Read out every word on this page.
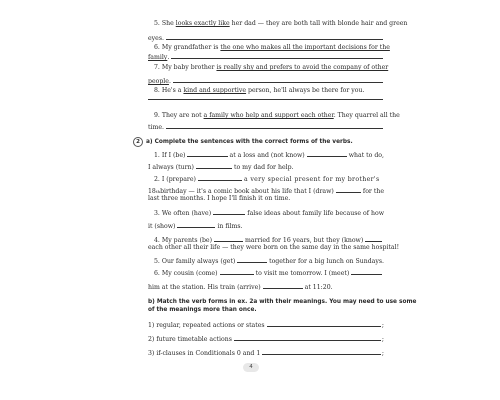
5. She looks exactly like her dad — they are both tall with blonde hair and green
eyes.
6. My grandfather is the one who makes all the important decisions for the
family .
7. My baby brother is really shy and prefers to avoid the company of other
people .
8. He's a kind and supportive person, he'll always be there for you.
9. They are not a family who help and support each other. They quarrel all the
time.
2 a) Complete the sentences with the correct forms of the verbs.
1. If I (be)	at a loss and (not know)	what to do,
I always (turn)	to my dad for help.
2. I (prepare)	a very special present for my brother's
18 th birthday — it's a comic book about his life that I (draw)	for the
last three months. I hope I'll finish it on time.
3. We often (have)	false ideas about family life because of how
it (show)	in films.
4. My parents (be)	married for 16 years, but they (know)
each other all their life — they were born on the same day in the same hospital!
5. Our family always (get)	together for a big lunch on Sundays.
6. My cousin (come)	to visit me tomorrow. I (meet)
him at the station. His train (arrive)	at 11:20.
b) Match the verb forms in ex. 2a with their meanings. You may need to use some
of the meanings more than once.
1) regular, repeated actions or states	;
2) future timetable actions	;
3) if-clauses in Conditionals 0 and 1	;
4
